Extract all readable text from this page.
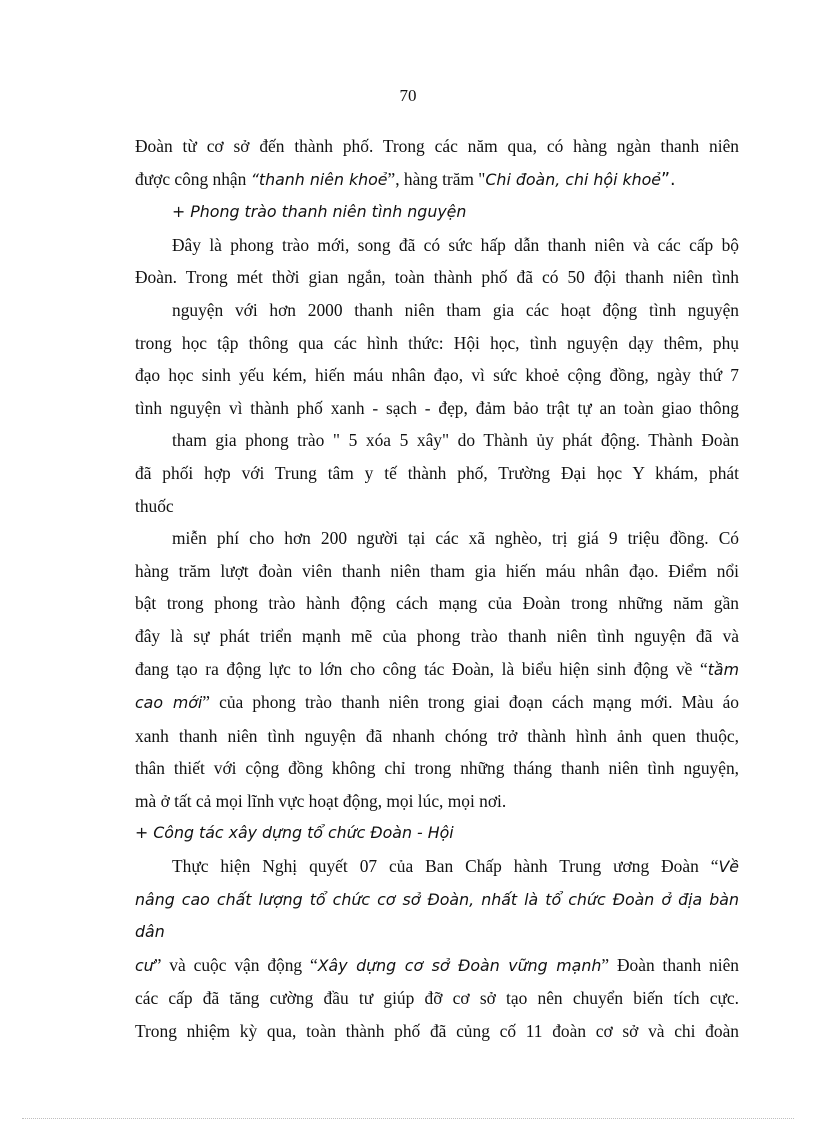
70
Đoàn từ cơ sở đến thành phố. Trong các năm qua, có hàng ngàn thanh niên
được công nhận “thanh niên khoẻ”, hàng trăm "Chi đoàn, chi hội khoẻ”.
+ Phong trào thanh niên tình nguyện
Đây là phong trào mới, song đã có sức hấp dẫn thanh niên và các cấp bộ
Đoàn. Trong mét thời gian ngắn, toàn thành phố đã có 50 đội thanh niên tình
nguyện với hơn 2000 thanh niên tham gia các hoạt động tình nguyện
trong học tập thông qua các hình thức: Hội học, tình nguyện dạy thêm, phụ
đạo học sinh yếu kém, hiến máu nhân đạo, vì sức khoẻ cộng đồng, ngày thứ 7
tình nguyện vì thành phố xanh - sạch - đẹp, đảm bảo trật tự an toàn giao thông
tham gia phong trào " 5 xóa 5 xây" do Thành ủy phát động. Thành Đoàn
đã phối hợp với Trung tâm y tế thành phố, Trường Đại học Y khám, phát
thuốc
miễn phí cho hơn 200 người tại các xã nghèo, trị giá 9 triệu đồng. Có
hàng trăm lượt đoàn viên thanh niên tham gia hiến máu nhân đạo. Điểm nổi
bật trong phong trào hành động cách mạng của Đoàn trong những năm gần
đây là sự phát triển mạnh mẽ của phong trào thanh niên tình nguyện đã và
đang tạo ra động lực to lớn cho công tác Đoàn, là biểu hiện sinh động về “tầm
cao mới” của phong trào thanh niên trong giai đoạn cách mạng mới. Màu áo
xanh thanh niên tình nguyện đã nhanh chóng trở thành hình ảnh quen thuộc,
thân thiết với cộng đồng không chỉ trong những tháng thanh niên tình nguyện,
mà ở tất cả mọi lĩnh vực hoạt động, mọi lúc, mọi nơi.
+ Công tác xây dựng tổ chức Đoàn - Hội
Thực hiện Nghị quyết 07 của Ban Chấp hành Trung ương Đoàn “Về
nâng cao chất lượng tổ chức cơ sở Đoàn, nhất là tổ chức Đoàn ở địa bàn dân
cư” và cuộc vận động “Xây dựng cơ sở Đoàn vững mạnh” Đoàn thanh niên
các cấp đã tăng cường đầu tư giúp đỡ cơ sở tạo nên chuyển biến tích cực.
Trong nhiệm kỳ qua, toàn thành phố đã củng cố 11 đoàn cơ sở và chi đoàn
